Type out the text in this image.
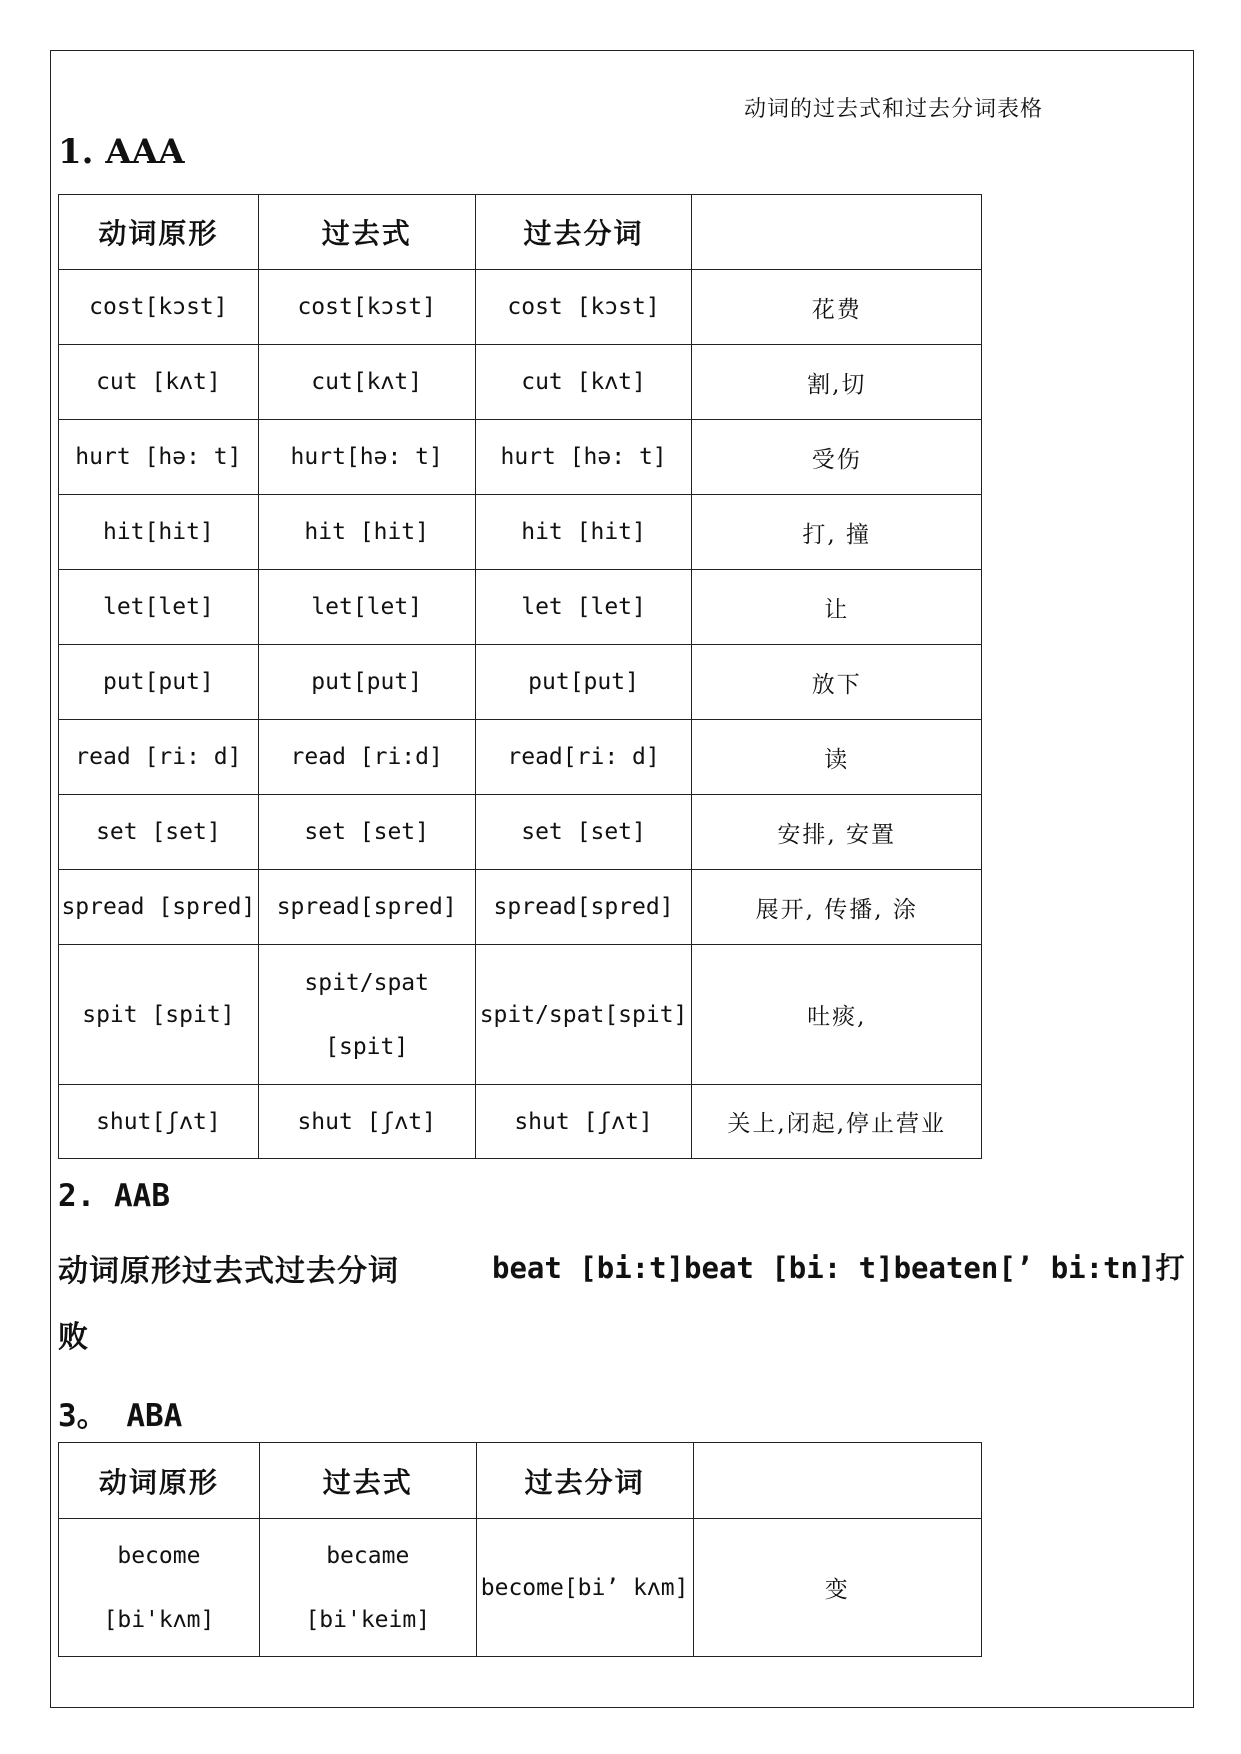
动词的过去式和过去分词表格
1. AAA
动词原形	过去式	过去分词	
cost[kɔst]	cost[kɔst]	cost [kɔst]	花费
cut [kʌt]	cut[kʌt]	cut [kʌt]	割,切
hurt [hə: t]	hurt[hə: t]	hurt [hə: t]	受伤
hit[hit]	hit [hit]	hit [hit]	打, 撞
let[let]	let[let]	let [let]	让
put[put]	put[put]	put[put]	放下
read [ri: d]	read [ri:d]	read[ri: d]	读
set [set]	set [set]	set [set]	安排, 安置
spread [spred]	spread[spred]	spread[spred]	展开, 传播, 涂
spit [spit]	spit/spat [spit]	spit/spat[spit]	吐痰,
shut[ʃʌt]	shut [ʃʌt]	shut [ʃʌt]	关上,闭起,停止营业
2. AAB
动词原形过去式过去分词	beat [bi:t]beat [bi: t]beaten[’ bi:tn]打
败
3。 ABA
动词原形	过去式	过去分词	
become [bi'kʌm]	became [bi'keim]	become[bi’ kʌm]	变
